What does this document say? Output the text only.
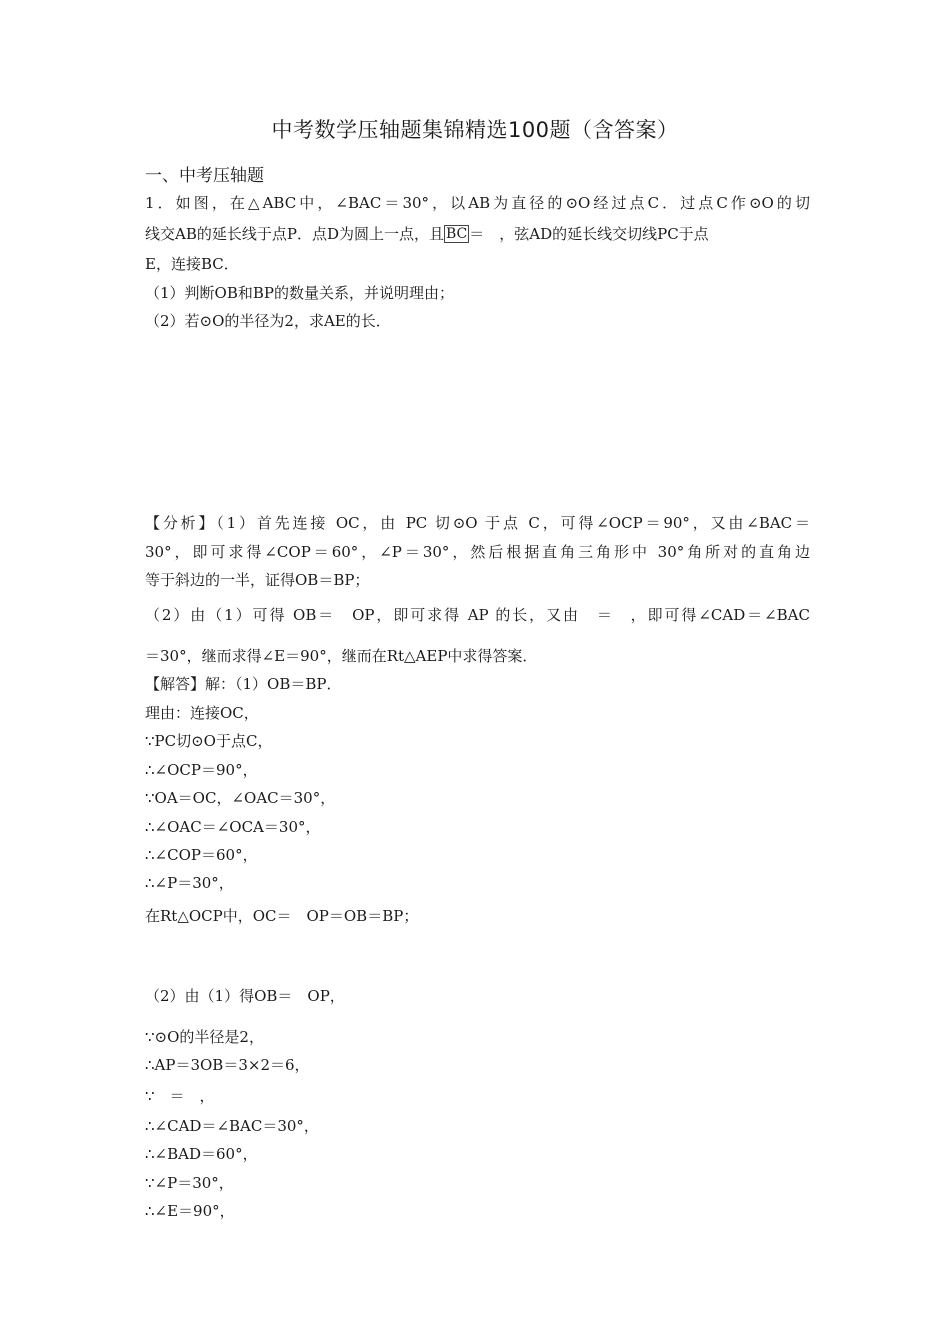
中考数学压轴题集锦精选100题（含答案）
一、中考压轴题
1．如图，在△ABC中，∠BAC＝30°，以AB为直径的⊙O经过点C．过点C作⊙O的切
线交AB的延长线于点P．点D为圆上一点，且 BC ＝　，弦AD的延长线交切线PC于点
E，连接BC．
（1）判断OB和BP的数量关系，并说明理由；
（2）若⊙O的半径为2，求AE的长．
【分析】（1）首先连接 OC，由 PC 切⊙O 于点 C，可得∠OCP＝90°，又由∠BAC＝
30°，即可求得∠COP＝60°，∠P＝30°，然后根据直角三角形中 30°角所对的直角边
等于斜边的一半，证得OB＝BP；
（2）由（1）可得 OB＝　OP，即可求得 AP 的长，又由　＝　，即可得∠CAD＝∠BAC
＝30°，继而求得∠E＝90°，继而在Rt△AEP中求得答案．
【解答】解：（1）OB＝BP．
理由：连接OC，
∵PC切⊙O于点C，
∴∠OCP＝90°，
∵OA＝OC，∠OAC＝30°，
∴∠OAC＝∠OCA＝30°，
∴∠COP＝60°，
∴∠P＝30°，
在Rt△OCP中，OC＝　OP＝OB＝BP；
（2）由（1）得OB＝　OP，
∵⊙O的半径是2，
∴AP＝3OB＝3×2＝6，
∵　＝　，
∴∠CAD＝∠BAC＝30°，
∴∠BAD＝60°，
∵∠P＝30°，
∴∠E＝90°，
